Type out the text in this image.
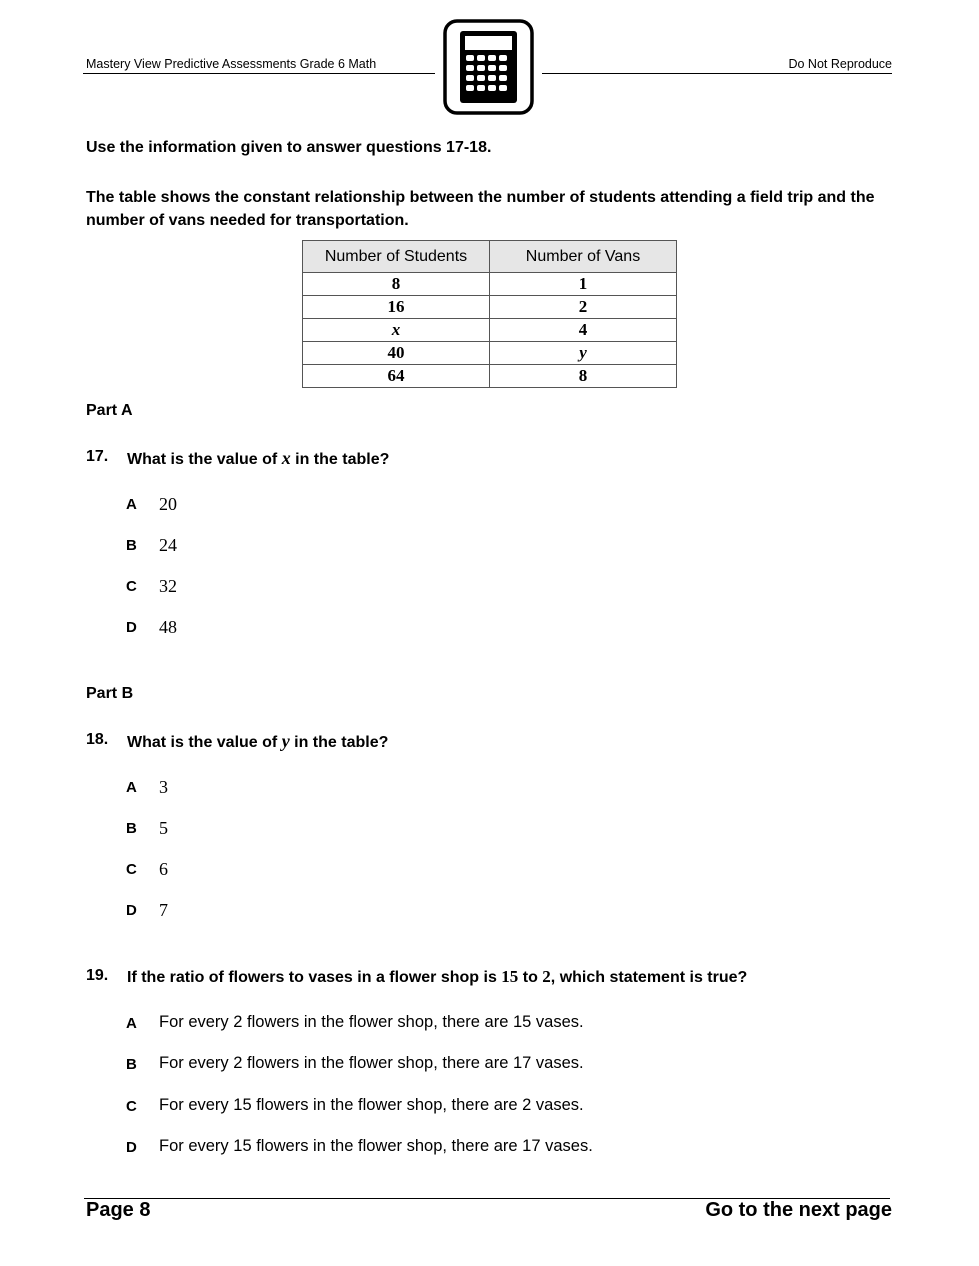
Mastery View Predictive Assessments Grade 6 Math	Do Not Reproduce
Use the information given to answer questions 17-18.
The table shows the constant relationship between the number of students attending a field trip and the number of vans needed for transportation.
Number of Students	Number of Vans
8	1
16	2
x	4
40	y
64	8
Part A
17. What is the value of x in the table?
A 20
B 24
C 32
D 48
Part B
18. What is the value of y in the table?
A 3
B 5
C 6
D 7
19. If the ratio of flowers to vases in a flower shop is 15 to 2, which statement is true?
A For every 2 flowers in the flower shop, there are 15 vases.
B For every 2 flowers in the flower shop, there are 17 vases.
C For every 15 flowers in the flower shop, there are 2 vases.
D For every 15 flowers in the flower shop, there are 17 vases.
Page 8	Go to the next page
